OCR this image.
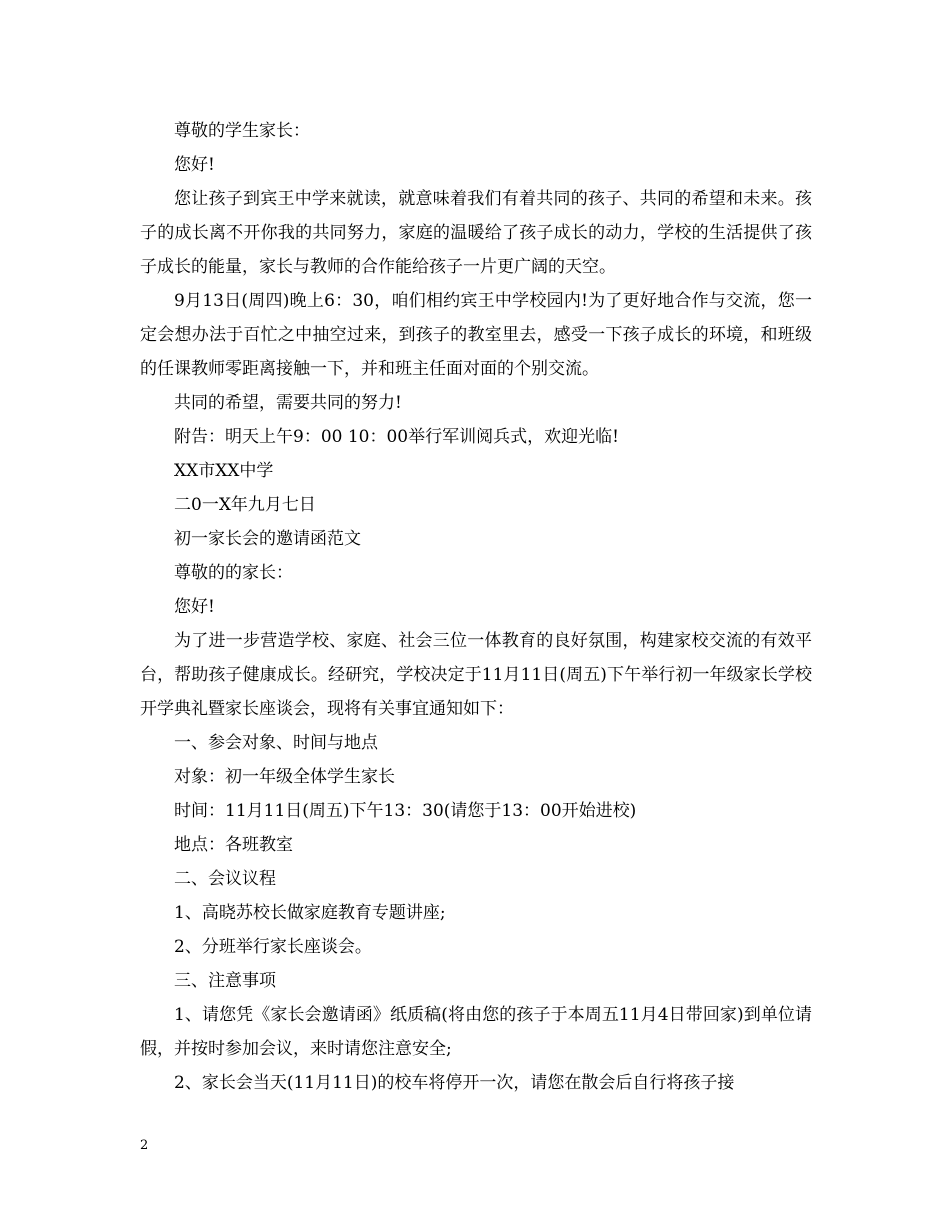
尊敬的学生家长：

您好!

您让孩子到宾王中学来就读，就意味着我们有着共同的孩子、共同的希望和未来。孩子的成长离不开你我的共同努力，家庭的温暖给了孩子成长的动力，学校的生活提供了孩子成长的能量，家长与教师的合作能给孩子一片更广阔的天空。

9月13日(周四)晚上6：30，咱们相约宾王中学校园内!为了更好地合作与交流，您一定会想办法于百忙之中抽空过来，到孩子的教室里去，感受一下孩子成长的环境，和班级的任课教师零距离接触一下，并和班主任面对面的个别交流。

共同的希望，需要共同的努力!

附告：明天上午9：00 10：00举行军训阅兵式，欢迎光临!

XX市XX中学

二0一X年九月七日

初一家长会的邀请函范文

尊敬的的家长：

您好!

为了进一步营造学校、家庭、社会三位一体教育的良好氛围，构建家校交流的有效平台，帮助孩子健康成长。经研究，学校决定于11月11日(周五)下午举行初一年级家长学校开学典礼暨家长座谈会，现将有关事宜通知如下：

一、参会对象、时间与地点

对象：初一年级全体学生家长

时间：11月11日(周五)下午13：30(请您于13：00开始进校)

地点：各班教室

二、会议议程

1、高晓苏校长做家庭教育专题讲座;

2、分班举行家长座谈会。

三、注意事项

1、请您凭《家长会邀请函》纸质稿(将由您的孩子于本周五11月4日带回家)到单位请假，并按时参加会议，来时请您注意安全;

2、家长会当天(11月11日)的校车将停开一次，请您在散会后自行将孩子接

2
